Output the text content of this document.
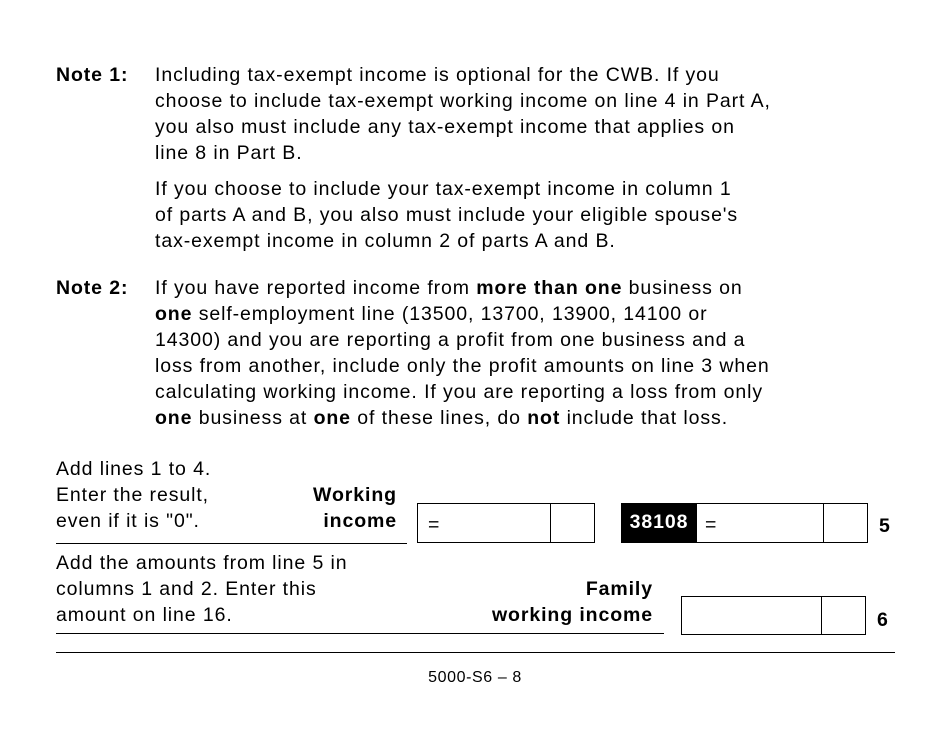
Note 1: Including tax-exempt income is optional for the CWB. If you

choose to include tax-exempt working income on line 4 in Part A,

you also must include any tax-exempt income that applies on

line 8 in Part B.

If you choose to include your tax-exempt income in column 1

of parts A and B, you also must include your eligible spouse's

tax-exempt income in column 2 of parts A and B.

Note 2: If you have reported income from more than one business on

one self-employment line (13500, 13700, 13900, 14100 or

14300) and you are reporting a profit from one business and a

loss from another, include only the profit amounts on line 3 when

calculating working income. If you are reporting a loss from only

one business at one of these lines, do not include that loss.

Add lines 1 to 4.
Enter the result,
even if it is "0".
Working
income =	38108 =	5
Add the amounts from line 5 in
columns 1 and 2. Enter this
amount on line 16.
Family
working income	6
5000-S6 – 8
